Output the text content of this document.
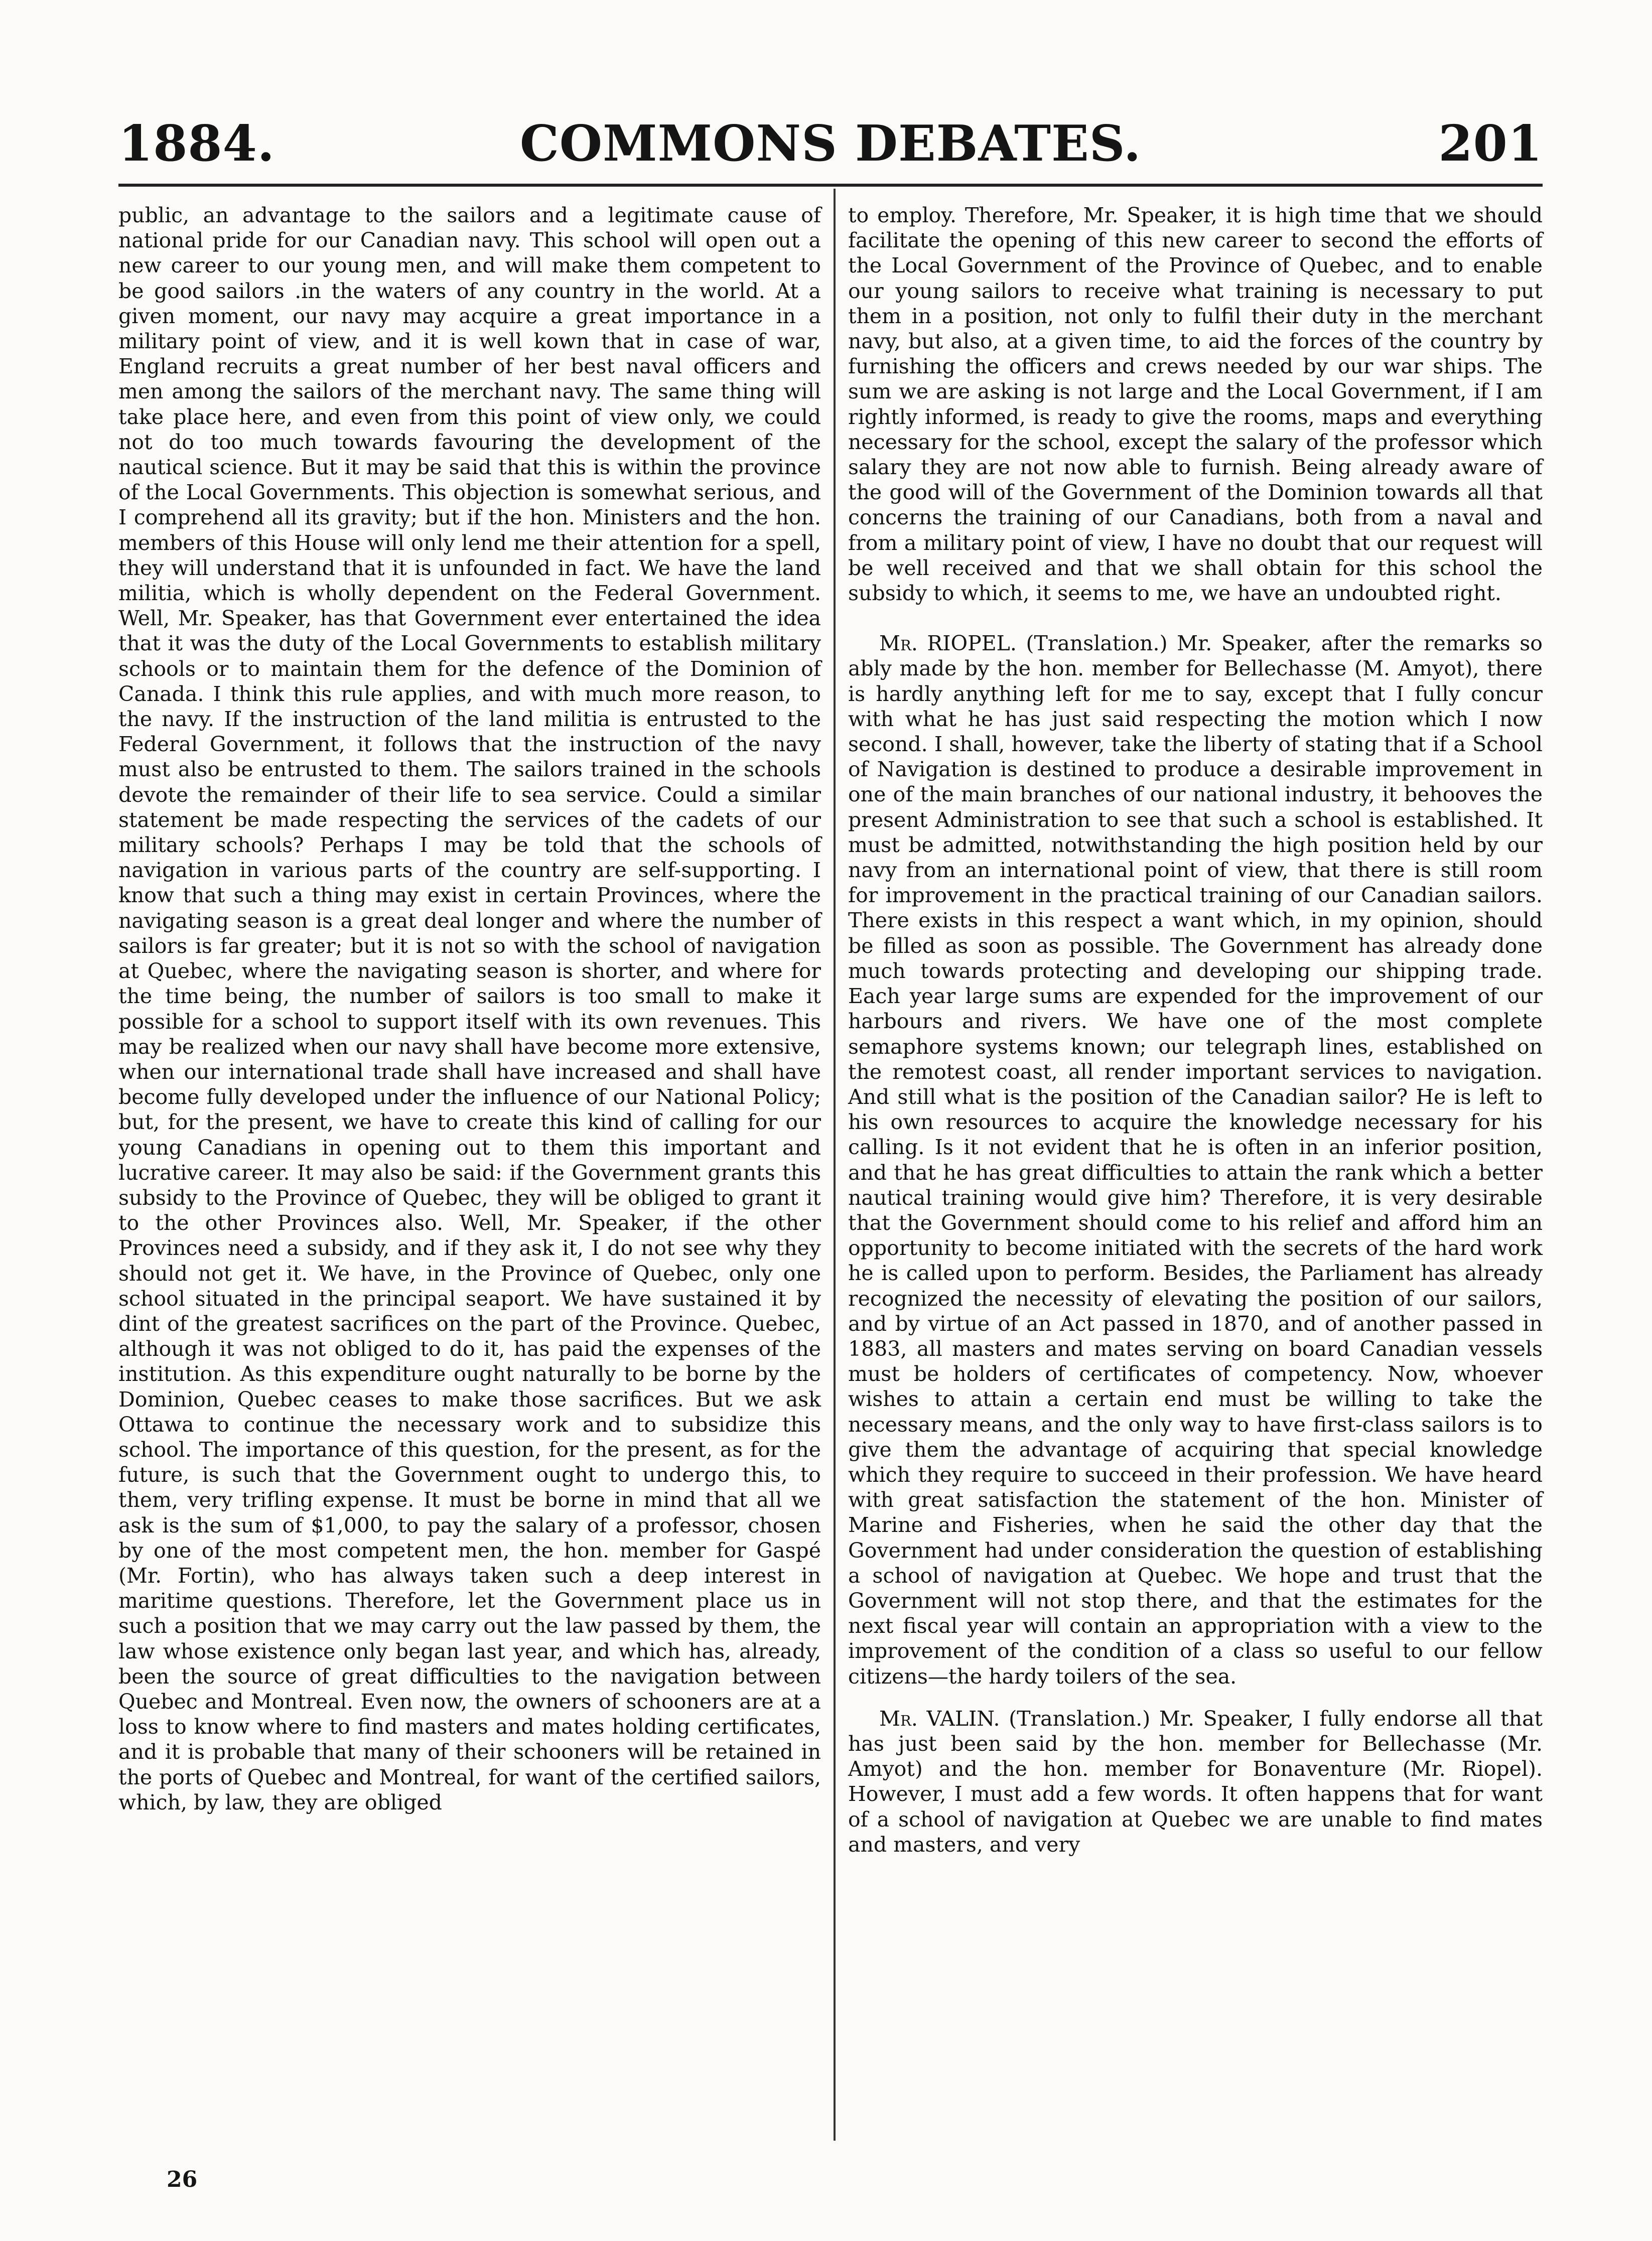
1884.	COMMONS DEBATES.	201

public, an advantage to the sailors and a legitimate cause of national pride for our Canadian navy. This school will open out a new career to our young men, and will make them competent to be good sailors .in the waters of any country in the world. At a given moment, our navy may acquire a great importance in a military point of view, and it is well kown that in case of war, England recruits a great number of her best naval officers and men among the sailors of the merchant navy. The same thing will take place here, and even from this point of view only, we could not do too much towards favouring the development of the nautical science. But it may be said that this is within the province of the Local Governments. This objection is somewhat serious, and I comprehend all its gravity; but if the hon. Ministers and the hon. members of this House will only lend me their attention for a spell, they will understand that it is unfounded in fact. We have the land militia, which is wholly dependent on the Federal Government. Well, Mr. Speaker, has that Government ever entertained the idea that it was the duty of the Local Governments to establish military schools or to maintain them for the defence of the Dominion of Canada. I think this rule applies, and with much more reason, to the navy. If the instruction of the land militia is entrusted to the Federal Government, it follows that the instruction of the navy must also be entrusted to them. The sailors trained in the schools devote the remainder of their life to sea service. Could a similar statement be made respecting the services of the cadets of our military schools? Perhaps I may be told that the schools of navigation in various parts of the country are self-supporting. I know that such a thing may exist in certain Provinces, where the navigating season is a great deal longer and where the number of sailors is far greater; but it is not so with the school of navigation at Quebec, where the navigating season is shorter, and where for the time being, the number of sailors is too small to make it possible for a school to support itself with its own revenues. This may be realized when our navy shall have become more extensive, when our international trade shall have increased and shall have become fully developed under the influence of our National Policy; but, for the present, we have to create this kind of calling for our young Canadians in opening out to them this important and lucrative career. It may also be said: if the Government grants this subsidy to the Province of Quebec, they will be obliged to grant it to the other Provinces also. Well, Mr. Speaker, if the other Provinces need a subsidy, and if they ask it, I do not see why they should not get it. We have, in the Province of Quebec, only one school situated in the principal seaport. We have sustained it by dint of the greatest sacrifices on the part of the Province. Quebec, although it was not obliged to do it, has paid the expenses of the institution. As this expenditure ought naturally to be borne by the Dominion, Quebec ceases to make those sacrifices. But we ask Ottawa to continue the necessary work and to subsidize this school. The importance of this question, for the present, as for the future, is such that the Government ought to undergo this, to them, very trifling expense. It must be borne in mind that all we ask is the sum of $1,000, to pay the salary of a professor, chosen by one of the most competent men, the hon. member for Gaspé (Mr. Fortin), who has always taken such a deep interest in maritime questions. Therefore, let the Government place us in such a position that we may carry out the law passed by them, the law whose existence only began last year, and which has, already, been the source of great difficulties to the navigation between Quebec and Montreal. Even now, the owners of schooners are at a loss to know where to find masters and mates holding certificates, and it is probable that many of their schooners will be retained in the ports of Quebec and Montreal, for want of the certified sailors, which, by law, they are obliged

to employ. Therefore, Mr. Speaker, it is high time that we should facilitate the opening of this new career to second the efforts of the Local Government of the Province of Quebec, and to enable our young sailors to receive what training is necessary to put them in a position, not only to fulfil their duty in the merchant navy, but also, at a given time, to aid the forces of the country by furnishing the officers and crews needed by our war ships. The sum we are asking is not large and the Local Government, if I am rightly informed, is ready to give the rooms, maps and everything necessary for the school, except the salary of the professor which salary they are not now able to furnish. Being already aware of the good will of the Government of the Dominion towards all that concerns the training of our Canadians, both from a naval and from a military point of view, I have no doubt that our request will be well received and that we shall obtain for this school the subsidy to which, it seems to me, we have an undoubted right.

Mr. RIOPEL. (Translation.) Mr. Speaker, after the remarks so ably made by the hon. member for Bellechasse (M. Amyot), there is hardly anything left for me to say, except that I fully concur with what he has just said respecting the motion which I now second. I shall, however, take the liberty of stating that if a School of Navigation is destined to produce a desirable improvement in one of the main branches of our national industry, it behooves the present Administration to see that such a school is established. It must be admitted, notwithstanding the high position held by our navy from an international point of view, that there is still room for improvement in the practical training of our Canadian sailors. There exists in this respect a want which, in my opinion, should be filled as soon as possible. The Government has already done much towards protecting and developing our shipping trade. Each year large sums are expended for the improvement of our harbours and rivers. We have one of the most complete semaphore systems known; our telegraph lines, established on the remotest coast, all render important services to navigation. And still what is the position of the Canadian sailor? He is left to his own resources to acquire the knowledge necessary for his calling. Is it not evident that he is often in an inferior position, and that he has great difficulties to attain the rank which a better nautical training would give him? Therefore, it is very desirable that the Government should come to his relief and afford him an opportunity to become initiated with the secrets of the hard work he is called upon to perform. Besides, the Parliament has already recognized the necessity of elevating the position of our sailors, and by virtue of an Act passed in 1870, and of another passed in 1883, all masters and mates serving on board Canadian vessels must be holders of certificates of competency. Now, whoever wishes to attain a certain end must be willing to take the necessary means, and the only way to have first-class sailors is to give them the advantage of acquiring that special knowledge which they require to succeed in their profession. We have heard with great satisfaction the statement of the hon. Minister of Marine and Fisheries, when he said the other day that the Government had under consideration the question of establishing a school of navigation at Quebec. We hope and trust that the Government will not stop there, and that the estimates for the next fiscal year will contain an appropriation with a view to the improvement of the condition of a class so useful to our fellow citizens—the hardy toilers of the sea.

Mr. VALIN. (Translation.) Mr. Speaker, I fully endorse all that has just been said by the hon. member for Bellechasse (Mr. Amyot) and the hon. member for Bonaventure (Mr. Riopel). However, I must add a few words. It often happens that for want of a school of navigation at Quebec we are unable to find mates and masters, and very

26
